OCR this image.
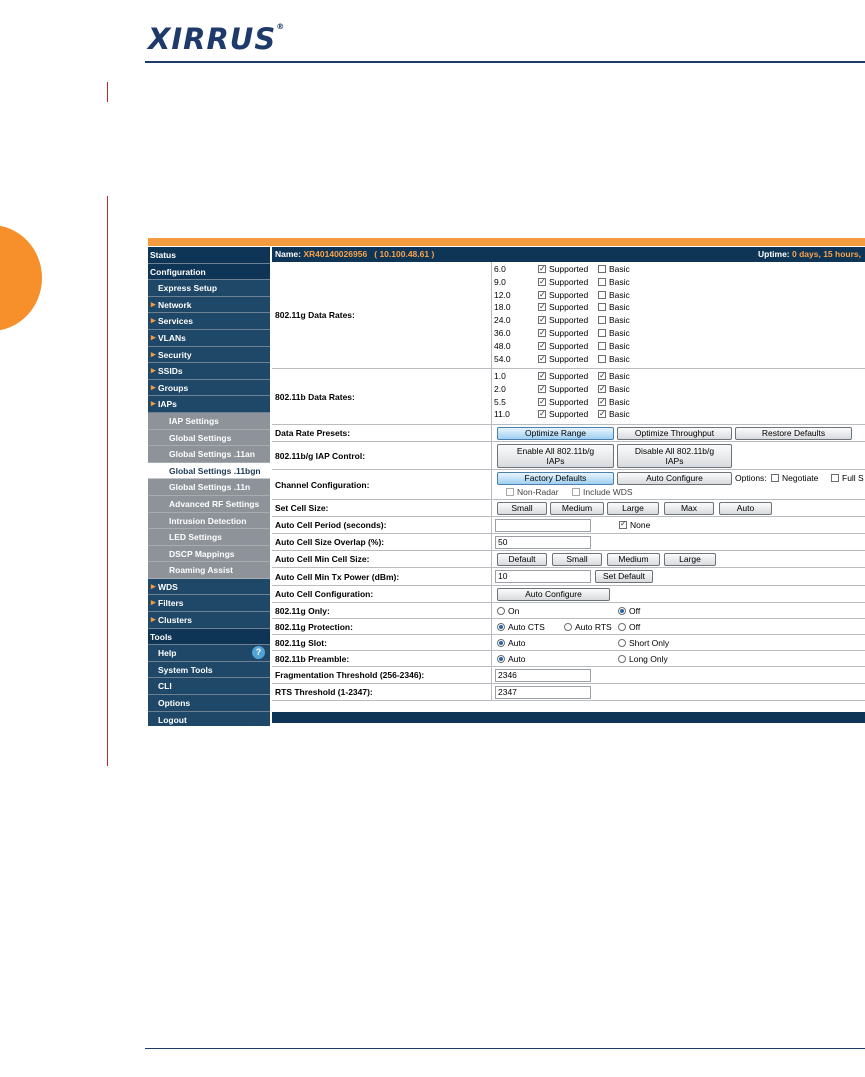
XIRRUS®
Status
Configuration
Express Setup
▸ Network
▸ Services
▸ VLANs
▸ Security
▸ SSIDs
▸ Groups
▸ IAPs
IAP Settings
Global Settings
Global Settings .11an
Global Settings .11bgn
Global Settings .11n
Advanced RF Settings
Intrusion Detection
LED Settings
DSCP Mappings
Roaming Assist
▸ WDS
▸ Filters
▸ Clusters
Tools
Help	?
System Tools
CLI
Options
Logout
Name: XR40140026956 ( 10.100.48.61 )	Uptime: 0 days, 15 hours,
802.11g Data Rates:
6.0 ✓	Supported	Basic
9.0 ✓	Supported	Basic
12.0 ✓	Supported	Basic
18.0 ✓	Supported	Basic
24.0 ✓	Supported	Basic
36.0 ✓	Supported	Basic
48.0 ✓	Supported	Basic
54.0 ✓	Supported	Basic
802.11b Data Rates:
1.0 ✓	Supported ✓	Basic
2.0 ✓	Supported ✓	Basic
5.5 ✓	Supported ✓	Basic
11.0 ✓	Supported ✓	Basic
Data Rate Presets:	Optimize Range	Optimize Throughput	Restore Defaults
802.11b/g IAP Control:	Enable All 802.11b/g
IAPs
Disable All 802.11b/g
IAPs
Channel Configuration:
Factory Defaults	Auto Configure	Options:	Negotiate	Full S
Non-Radar	Include WDS
Set Cell Size:	Small	Medium	Large	Max	Auto
Auto Cell Period (seconds): ✓	None
Auto Cell Size Overlap (%):	50
Auto Cell Min Cell Size:	Default	Small	Medium	Large
Auto Cell Min Tx Power (dBm):	10	Set Default
Auto Cell Configuration:	Auto Configure
802.11g Only:	On	Off
802.11g Protection:	Auto CTS	Auto RTS	Off
802.11g Slot:	Auto	Short Only
802.11b Preamble:	Auto	Long Only
Fragmentation Threshold (256-2346):	2346
RTS Threshold (1-2347):	2347
